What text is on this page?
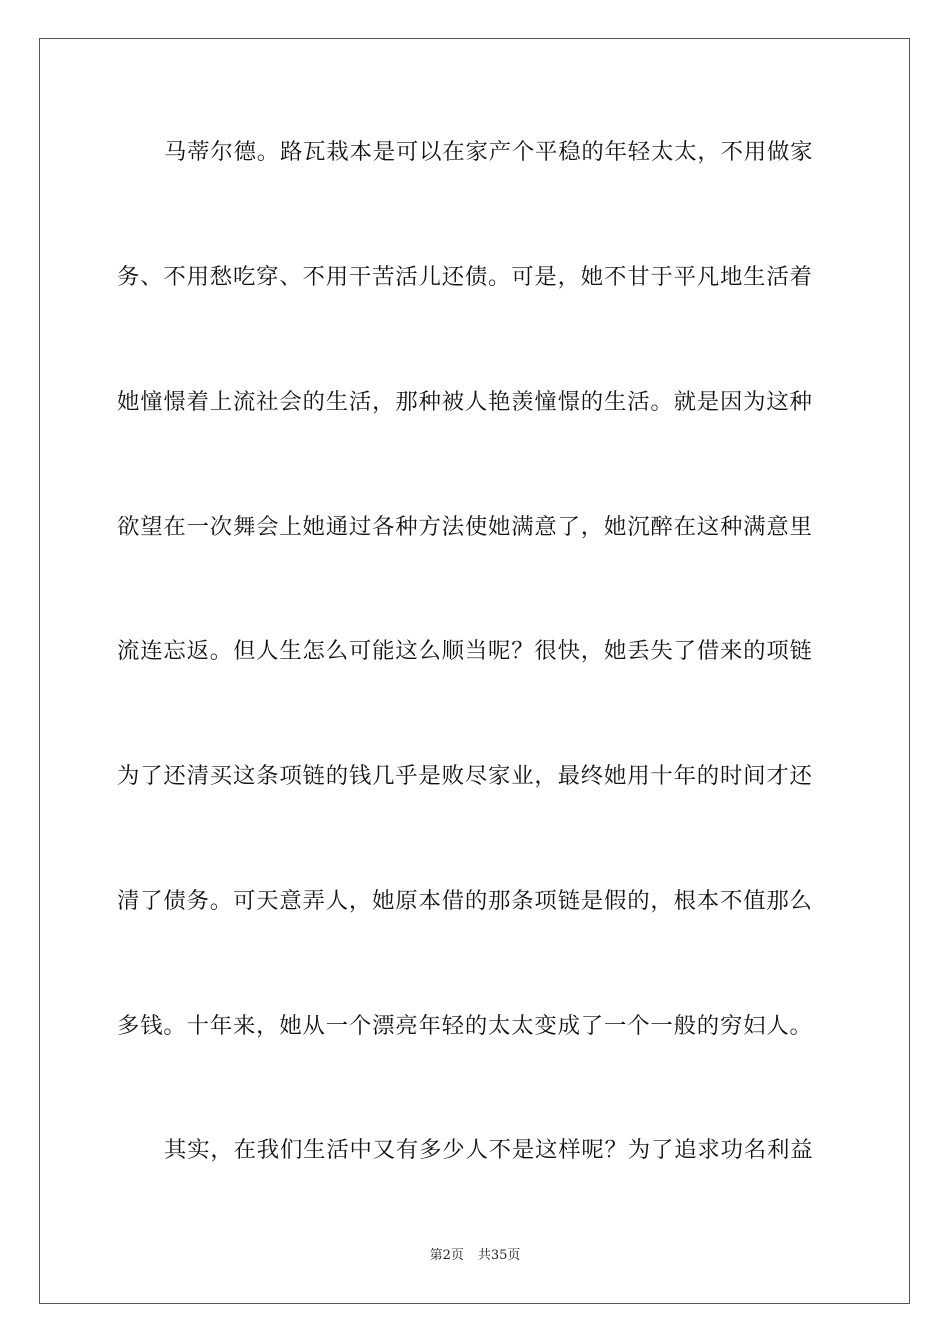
马蒂尔德。路瓦栽本是可以在家产个平稳的年轻太太，不用做家
务、不用愁吃穿、不用干苦活儿还债。可是，她不甘于平凡地生活着
她憧憬着上流社会的生活，那种被人艳羡憧憬的生活。就是因为这种
欲望在一次舞会上她通过各种方法使她满意了，她沉醉在这种满意里
流连忘返。但人生怎么可能这么顺当呢？很快，她丢失了借来的项链
为了还清买这条项链的钱几乎是败尽家业，最终她用十年的时间才还
清了债务。可天意弄人，她原本借的那条项链是假的，根本不值那么
多钱。十年来，她从一个漂亮年轻的太太变成了一个一般的穷妇人。
其实，在我们生活中又有多少人不是这样呢？为了追求功名利益
第2页 共35页
